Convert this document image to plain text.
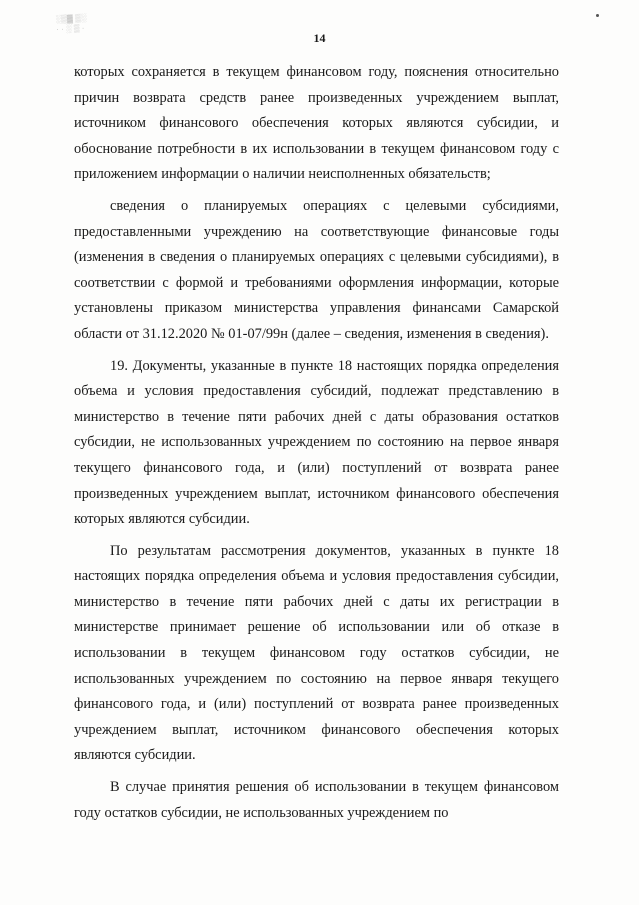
░▒▓ ▒░
· · ░ ▒ ·
14

которых сохраняется в текущем финансовом году, пояснения относительно причин возврата средств ранее произведенных учреждением выплат, источником финансового обеспечения которых являются субсидии, и обоснование потребности в их использовании в текущем финансовом году с приложением информации о наличии неисполненных обязательств;

сведения о планируемых операциях с целевыми субсидиями, предоставленными учреждению на соответствующие финансовые годы (изменения в сведения о планируемых операциях с целевыми субсидиями), в соответствии с формой и требованиями оформления информации, которые установлены приказом министерства управления финансами Самарской области от 31.12.2020 № 01-07/99н (далее – сведения, изменения в сведения).

19. Документы, указанные в пункте 18 настоящих порядка определения объема и условия предоставления субсидий, подлежат представлению в министерство в течение пяти рабочих дней с даты образования остатков субсидии, не использованных учреждением по состоянию на первое января текущего финансового года, и (или) поступлений от возврата ранее произведенных учреждением выплат, источником финансового обеспечения которых являются субсидии.

По результатам рассмотрения документов, указанных в пункте 18 настоящих порядка определения объема и условия предоставления субсидии, министерство в течение пяти рабочих дней с даты их регистрации в министерстве принимает решение об использовании или об отказе в использовании в текущем финансовом году остатков субсидии, не использованных учреждением по состоянию на первое января текущего финансового года, и (или) поступлений от возврата ранее произведенных учреждением выплат, источником финансового обеспечения которых являются субсидии.

В случае принятия решения об использовании в текущем финансовом году остатков субсидии, не использованных учреждением по
